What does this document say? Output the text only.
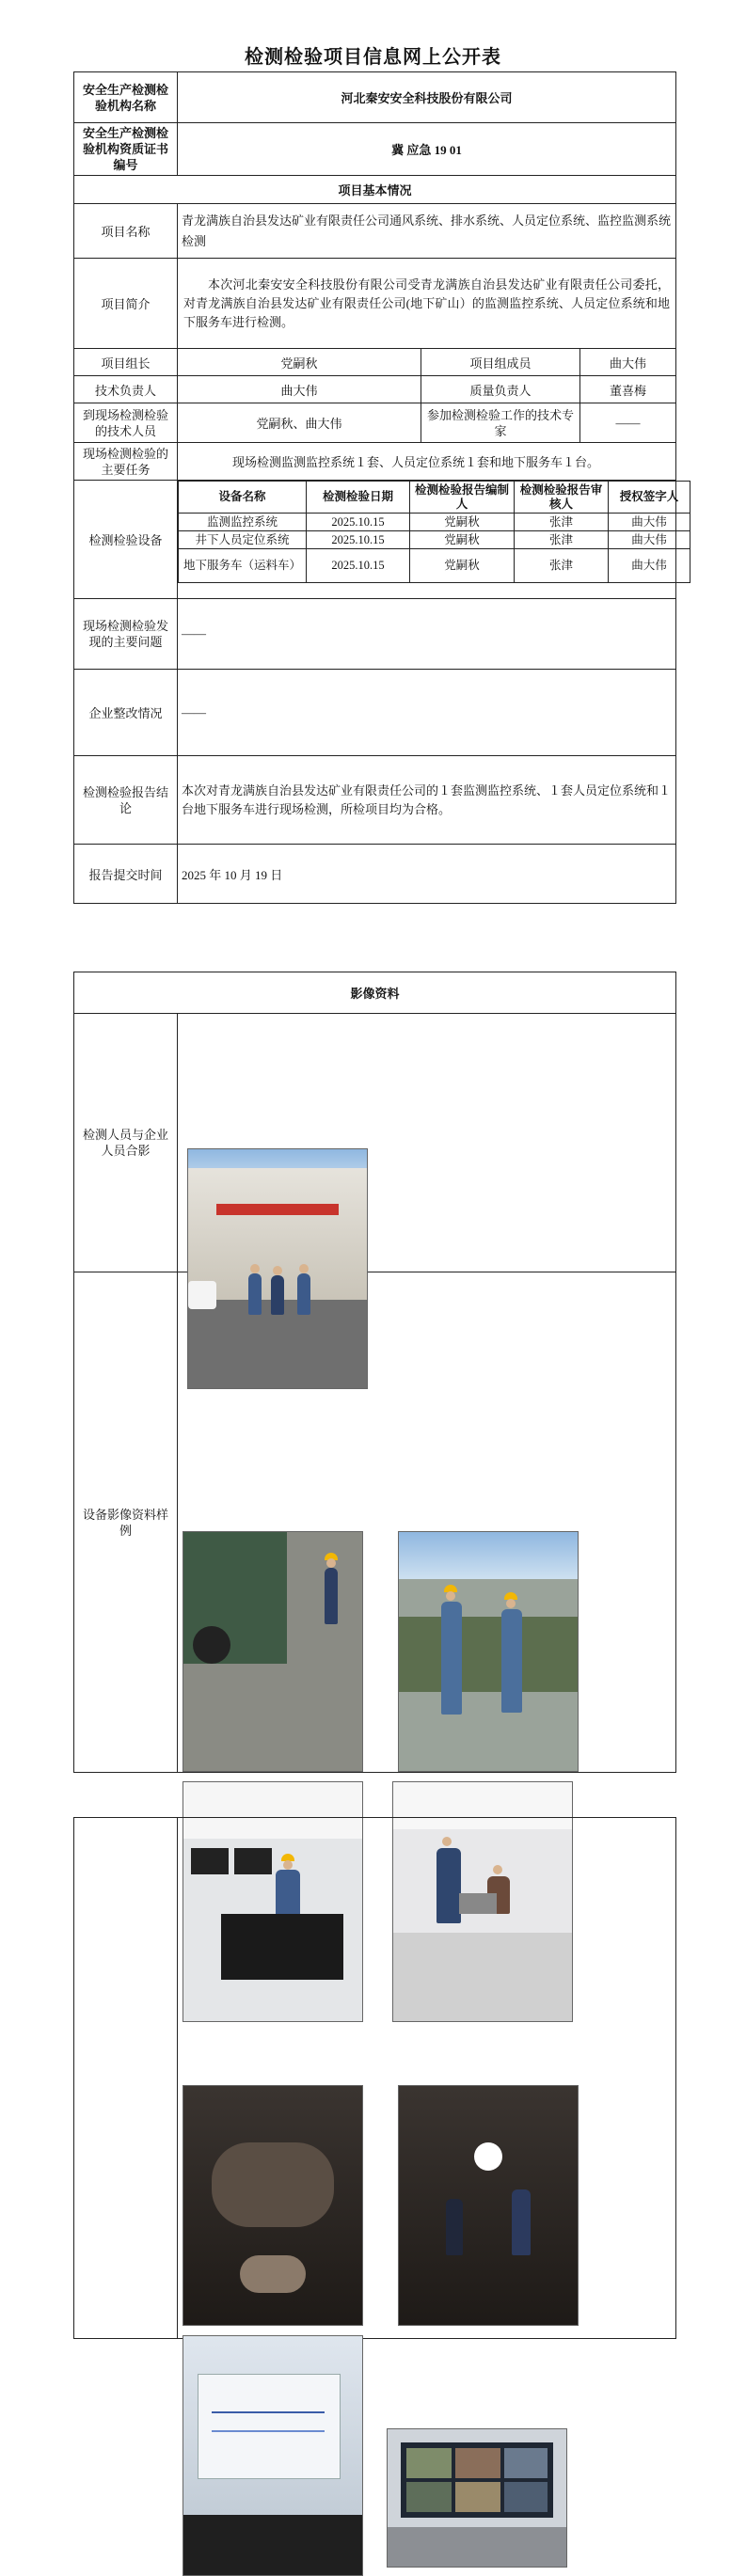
检测检验项目信息网上公开表
安全生产检测检验机构名称	河北秦安安全科技股份有限公司
安全生产检测检验机构资质证书编号	冀 应急 19 01
项目基本情况
项目名称	青龙满族自治县发达矿业有限责任公司通风系统、排水系统、人员定位系统、监控监测系统检测
项目简介	本次河北秦安安全科技股份有限公司受青龙满族自治县发达矿业有限责任公司委托，对青龙满族自治县发达矿业有限责任公司(地下矿山）的监测监控系统、人员定位系统和地下服务车进行检测。
项目组长	党嗣秋	项目组成员	曲大伟
技术负责人	曲大伟	质量负责人	董喜梅
到现场检测检验的技术人员	党嗣秋、曲大伟	参加检测检验工作的技术专家	——
现场检测检验的主要任务	现场检测监测监控系统１套、人员定位系统１套和地下服务车１台。
检测检验设备	
设备名称	检测检验日期	检测检验报告编制人	检测检验报告审核人	授权签字人
监测监控系统	2025.10.15	党嗣秋	张津	曲大伟
井下人员定位系统	2025.10.15	党嗣秋	张津	曲大伟
地下服务车（运料车）	2025.10.15	党嗣秋	张津	曲大伟

现场检测检验发现的主要问题	——
企业整改情况	——
检测检验报告结论	本次对青龙满族自治县发达矿业有限责任公司的１套监测监控系统、１套人员定位系统和１台地下服务车进行现场检测，所检项目均为合格。
报告提交时间	2025 年 10 月 19 日
影像资料	
检测人员与企业人员合影	

设备影像资料样例	
